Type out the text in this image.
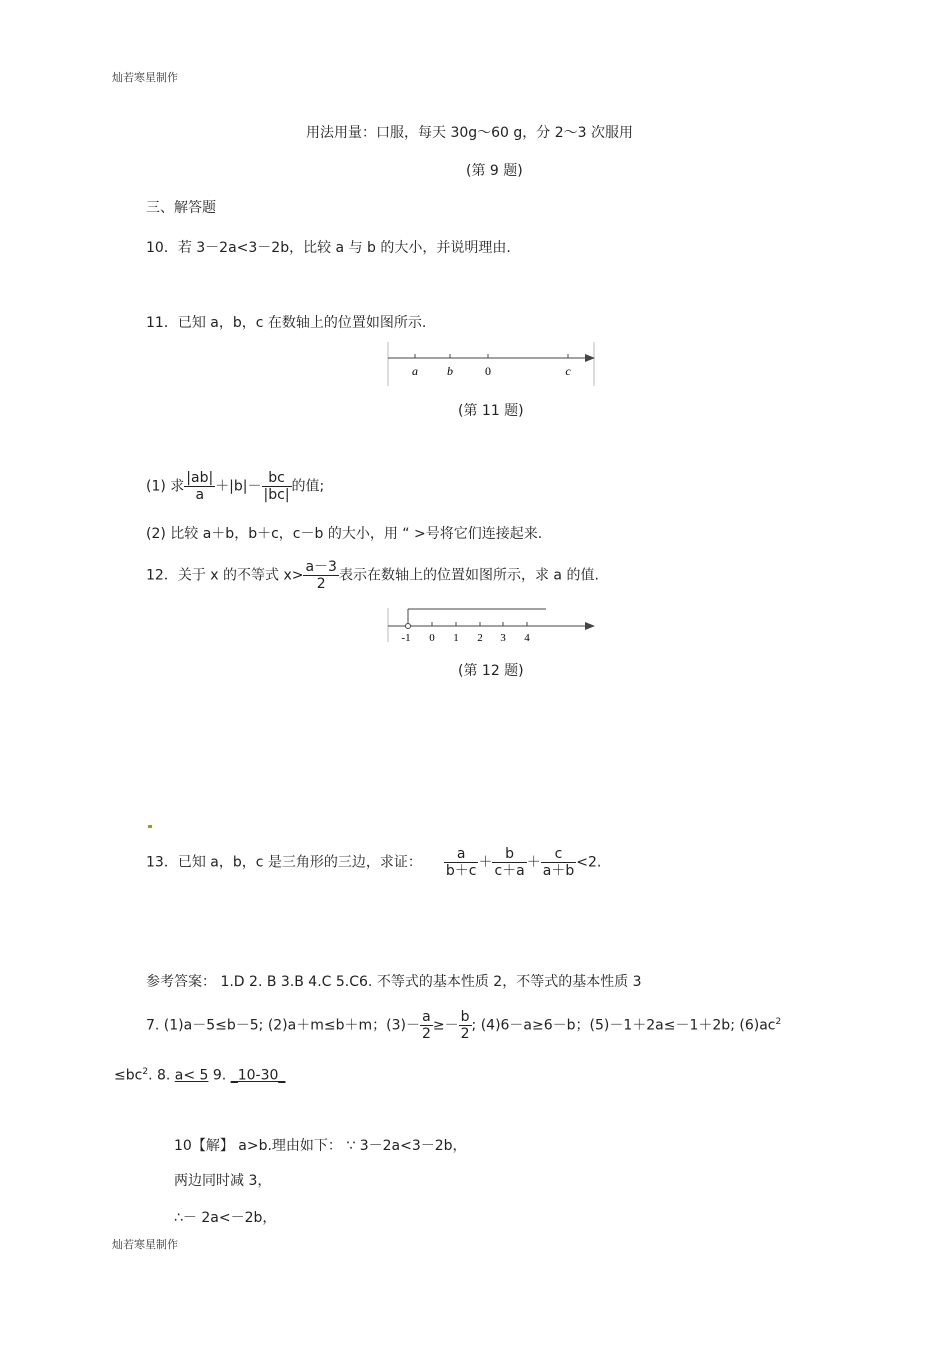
灿若寒星制作
用法用量：口服，每天 30g～60 g，分 2～3 次服用
(第 9 题)
三、解答题
10．若 3－2a<3－2b，比较 a 与 b 的大小，并说明理由.
11．已知 a，b，c 在数轴上的位置如图所示.
a b	0	c
(第 11 题)
(1) 求 $\frac{|ab|}{a} +|b|- \frac{bc}{|bc|}$ 的值;
(2) 比较 a＋b，b＋c，c－b 的大小，用 “ >号将它们连接起来.
12．关于 x 的不等式 $x> \frac{a-3}{2}$ 表示在数轴上的位置如图所示，求 a 的值.
-1 0 1 2 3 4
(第 12 题)
13．已知 a，b，c 是三角形的三边，求证： $\frac{a}{b+c} + \frac{b}{c+a} + \frac{c}{a+b} <2$.
参考答案： 1.D 2. B 3.B 4.C 5.C6. 不等式的基本性质 2，不等式的基本性质 3
7. (1)a－5≤b－5; (2)a＋m≤b＋m；$(3)- \frac{a}{2} \ge- \frac{b}{2}$ ; (4)6－a≥6－b；(5)－1＋2a≤－1＋2b; $(6)ac^2$
$\le bc^2$. 8. a< 5 9. _10-30_
10【解】 a>b.理由如下： ∵ 3－2a<3－2b，
两边同时减 3，
∴－ 2a<－2b，
灿若寒星制作
